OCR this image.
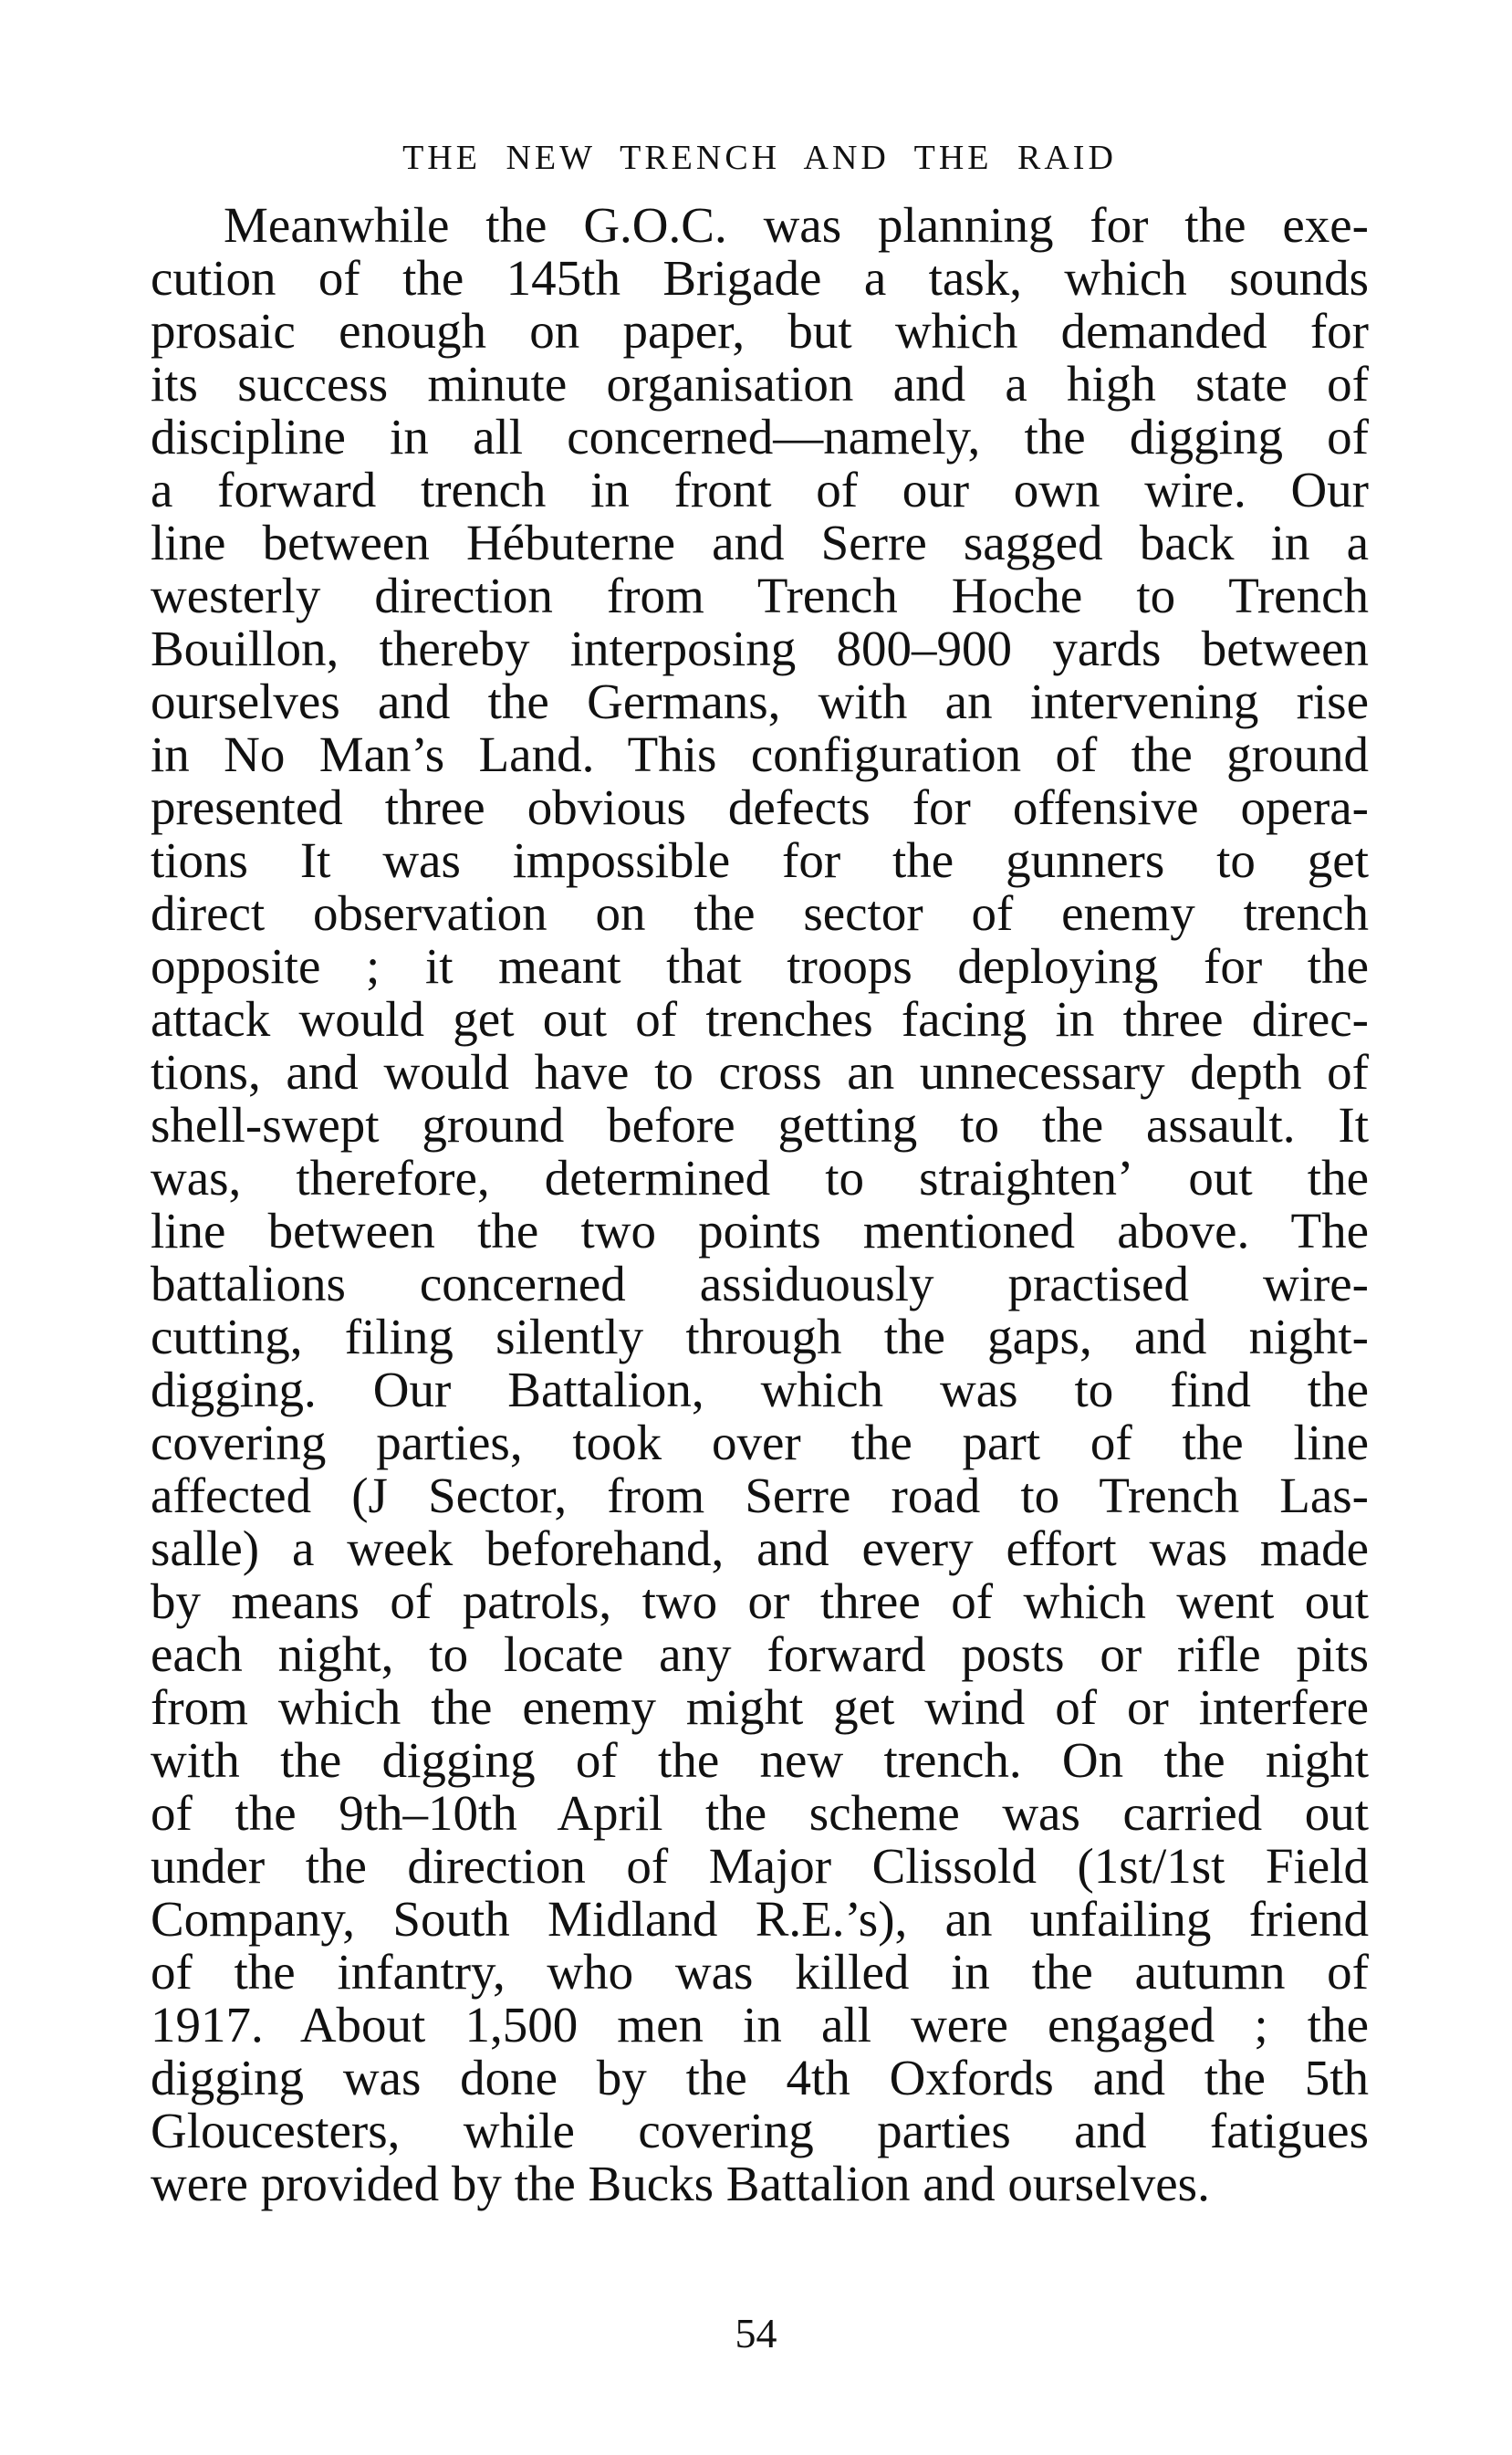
THE NEW TRENCH AND THE RAID
Meanwhile the G.O.C. was planning for the exe-
cution of the 145th Brigade a task, which sounds
prosaic enough on paper, but which demanded for
its success minute organisation and a high state of
discipline in all concerned—namely, the digging of
a forward trench in front of our own wire. Our
line between Hébuterne and Serre sagged back in a
westerly direction from Trench Hoche to Trench
Bouillon, thereby interposing 800–900 yards between
ourselves and the Germans, with an intervening rise
in No Man’s Land. This configuration of the ground
presented three obvious defects for offensive opera-
tions It was impossible for the gunners to get
direct observation on the sector of enemy trench
opposite ; it meant that troops deploying for the
attack would get out of trenches facing in three direc-
tions, and would have to cross an unnecessary depth of
shell-swept ground before getting to the assault. It
was, therefore, determined to straightenʼ out the
line between the two points mentioned above. The
battalions concerned assiduously practised wire-
cutting, filing silently through the gaps, and night-
digging. Our Battalion, which was to find the
covering parties, took over the part of the line
affected (J Sector, from Serre road to Trench Las-
salle) a week beforehand, and every effort was made
by means of patrols, two or three of which went out
each night, to locate any forward posts or rifle pits
from which the enemy might get wind of or interfere
with the digging of the new trench. On the night
of the 9th–10th April the scheme was carried out
under the direction of Major Clissold (1st/1st Field
Company, South Midland R.E.’s), an unfailing friend
of the infantry, who was killed in the autumn of
1917. About 1,500 men in all were engaged ; the
digging was done by the 4th Oxfords and the 5th
Gloucesters, while covering parties and fatigues
were provided by the Bucks Battalion and ourselves.
54
